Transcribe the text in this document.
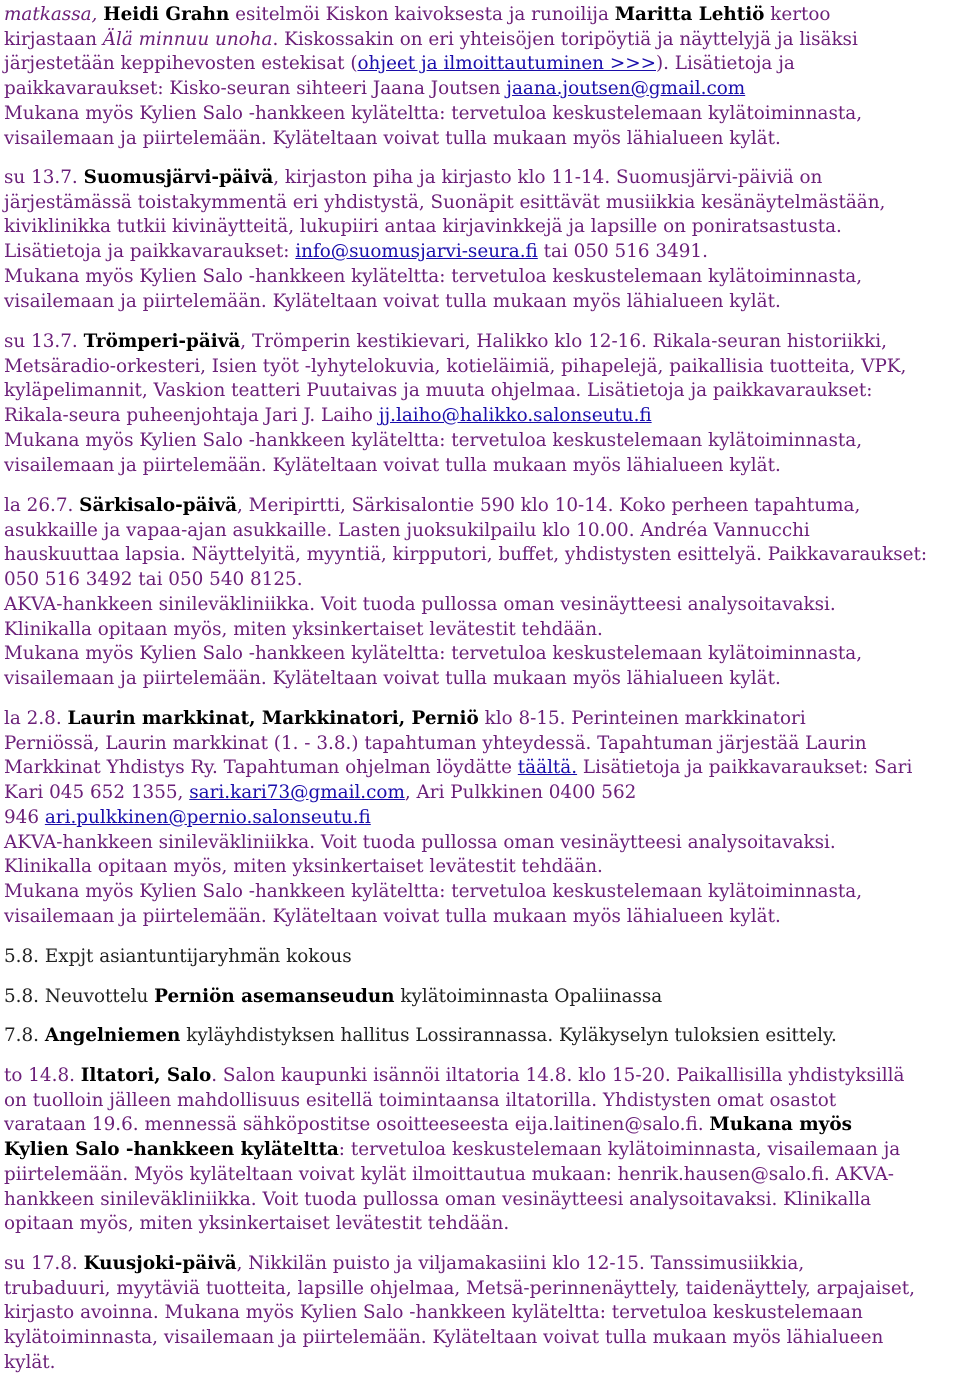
matkassa, Heidi Grahn esitelmöi Kiskon kaivoksesta ja runoilija Maritta Lehtiö kertoo
kirjastaan Älä minnuu unoha. Kiskossakin on eri yhteisöjen toripöytiä ja näyttelyjä ja lisäksi
järjestetään keppihevosten estekisat (ohjeet ja ilmoittautuminen >>>). Lisätietoja ja
paikkavaraukset: Kisko-seuran sihteeri Jaana Joutsen jaana.joutsen@gmail.com
Mukana myös Kylien Salo -hankkeen kyläteltta: tervetuloa keskustelemaan kylätoiminnasta,
visailemaan ja piirtelemään. Kyläteltaan voivat tulla mukaan myös lähialueen kylät.

su 13.7. Suomusjärvi-päivä, kirjaston piha ja kirjasto klo 11-14. Suomusjärvi-päiviä on
järjestämässä toistakymmentä eri yhdistystä, Suonäpit esittävät musiikkia kesänäytelmästään,
kiviklinikka tutkii kivinäytteitä, lukupiiri antaa kirjavinkkejä ja lapsille on poniratsastusta.
Lisätietoja ja paikkavaraukset: info@suomusjarvi-seura.fi tai 050 516 3491.
Mukana myös Kylien Salo -hankkeen kyläteltta: tervetuloa keskustelemaan kylätoiminnasta,
visailemaan ja piirtelemään. Kyläteltaan voivat tulla mukaan myös lähialueen kylät.

su 13.7. Trömperi-päivä, Trömperin kestikievari, Halikko klo 12-16. Rikala-seuran historiikki,
Metsäradio-orkesteri, Isien työt -lyhytelokuvia, kotieläimiä, pihapelejä, paikallisia tuotteita, VPK,
kyläpelimannit, Vaskion teatteri Puutaivas ja muuta ohjelmaa. Lisätietoja ja paikkavaraukset:
Rikala-seura puheenjohtaja Jari J. Laiho jj.laiho@halikko.salonseutu.fi
Mukana myös Kylien Salo -hankkeen kyläteltta: tervetuloa keskustelemaan kylätoiminnasta,
visailemaan ja piirtelemään. Kyläteltaan voivat tulla mukaan myös lähialueen kylät.

la 26.7. Särkisalo-päivä, Meripirtti, Särkisalontie 590 klo 10-14. Koko perheen tapahtuma,
asukkaille ja vapaa-ajan asukkaille. Lasten juoksukilpailu klo 10.00. Andréa Vannucchi
hauskuuttaa lapsia. Näyttelyitä, myyntiä, kirpputori, buffet, yhdistysten esittelyä. Paikkavaraukset:
050 516 3492 tai 050 540 8125.
AKVA-hankkeen sinileväkliniikka. Voit tuoda pullossa oman vesinäytteesi analysoitavaksi.
Klinikalla opitaan myös, miten yksinkertaiset levätestit tehdään.
Mukana myös Kylien Salo -hankkeen kyläteltta: tervetuloa keskustelemaan kylätoiminnasta,
visailemaan ja piirtelemään. Kyläteltaan voivat tulla mukaan myös lähialueen kylät.

la 2.8. Laurin markkinat, Markkinatori, Perniö klo 8-15. Perinteinen markkinatori
Perniössä, Laurin markkinat (1. - 3.8.) tapahtuman yhteydessä. Tapahtuman järjestää Laurin
Markkinat Yhdistys Ry. Tapahtuman ohjelman löydätte täältä. Lisätietoja ja paikkavaraukset: Sari
Kari 045 652 1355, sari.kari73@gmail.com, Ari Pulkkinen 0400 562
946 ari.pulkkinen@pernio.salonseutu.fi
AKVA-hankkeen sinileväkliniikka. Voit tuoda pullossa oman vesinäytteesi analysoitavaksi.
Klinikalla opitaan myös, miten yksinkertaiset levätestit tehdään.
Mukana myös Kylien Salo -hankkeen kyläteltta: tervetuloa keskustelemaan kylätoiminnasta,
visailemaan ja piirtelemään. Kyläteltaan voivat tulla mukaan myös lähialueen kylät.

5.8. Expjt asiantuntijaryhmän kokous

5.8. Neuvottelu Perniön asemanseudun kylätoiminnasta Opaliinassa

7.8. Angelniemen kyläyhdistyksen hallitus Lossirannassa. Kyläkyselyn tuloksien esittely.

to 14.8. Iltatori, Salo. Salon kaupunki isännöi iltatoria 14.8. klo 15-20. Paikallisilla yhdistyksillä
on tuolloin jälleen mahdollisuus esitellä toimintaansa iltatorilla. Yhdistysten omat osastot
varataan 19.6. mennessä sähköpostitse osoitteeseesta eija.laitinen@salo.fi. Mukana myös
Kylien Salo -hankkeen kyläteltta: tervetuloa keskustelemaan kylätoiminnasta, visailemaan ja
piirtelemään. Myös kyläteltaan voivat kylät ilmoittautua mukaan: henrik.hausen@salo.fi. AKVA-
hankkeen sinileväkliniikka. Voit tuoda pullossa oman vesinäytteesi analysoitavaksi. Klinikalla
opitaan myös, miten yksinkertaiset levätestit tehdään.

su 17.8. Kuusjoki-päivä, Nikkilän puisto ja viljamakasiini klo 12-15. Tanssimusiikkia,
trubaduuri, myytäviä tuotteita, lapsille ohjelmaa, Metsä-perinnenäyttely, taidenäyttely, arpajaiset,
kirjasto avoinna. Mukana myös Kylien Salo -hankkeen kyläteltta: tervetuloa keskustelemaan
kylätoiminnasta, visailemaan ja piirtelemään. Kyläteltaan voivat tulla mukaan myös lähialueen
kylät.
